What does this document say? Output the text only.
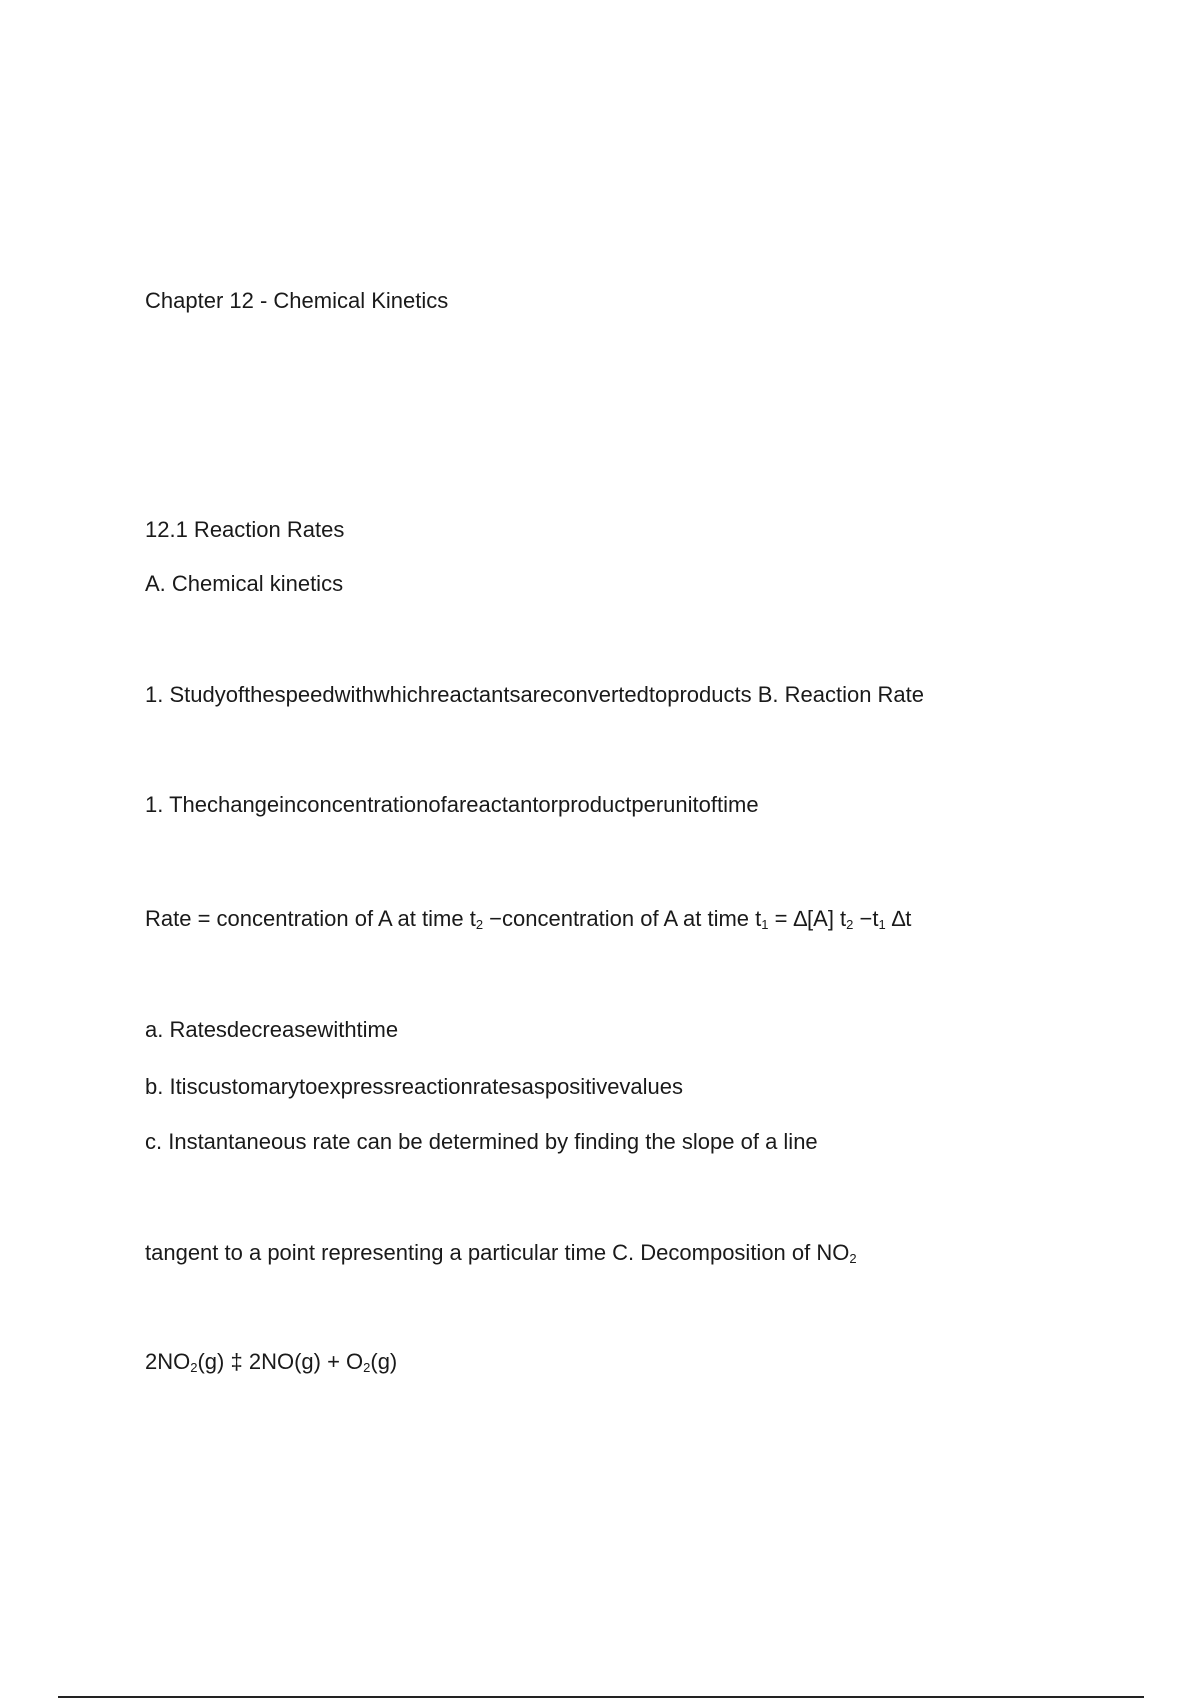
Chapter 12 - Chemical Kinetics
12.1 Reaction Rates
A. Chemical kinetics
1. Studyofthespeedwithwhichreactantsareconvertedtoproducts B. Reaction Rate
1. Thechangeinconcentrationofareactantorproductperunitoftime
Rate = concentration of A at time $t_2$ −concentration of A at time $t_1 = \Delta[A]$ $t_2 -t_1$ ∆t
a. Ratesdecreasewithtime
b. Itiscustomarytoexpressreactionratesaspositivevalues
c. Instantaneous rate can be determined by finding the slope of a line
tangent to a point representing a particular time C. Decomposition of $NO_2$
$2NO_2(g)$ ‡ $2NO(g) + O_2(g)$
